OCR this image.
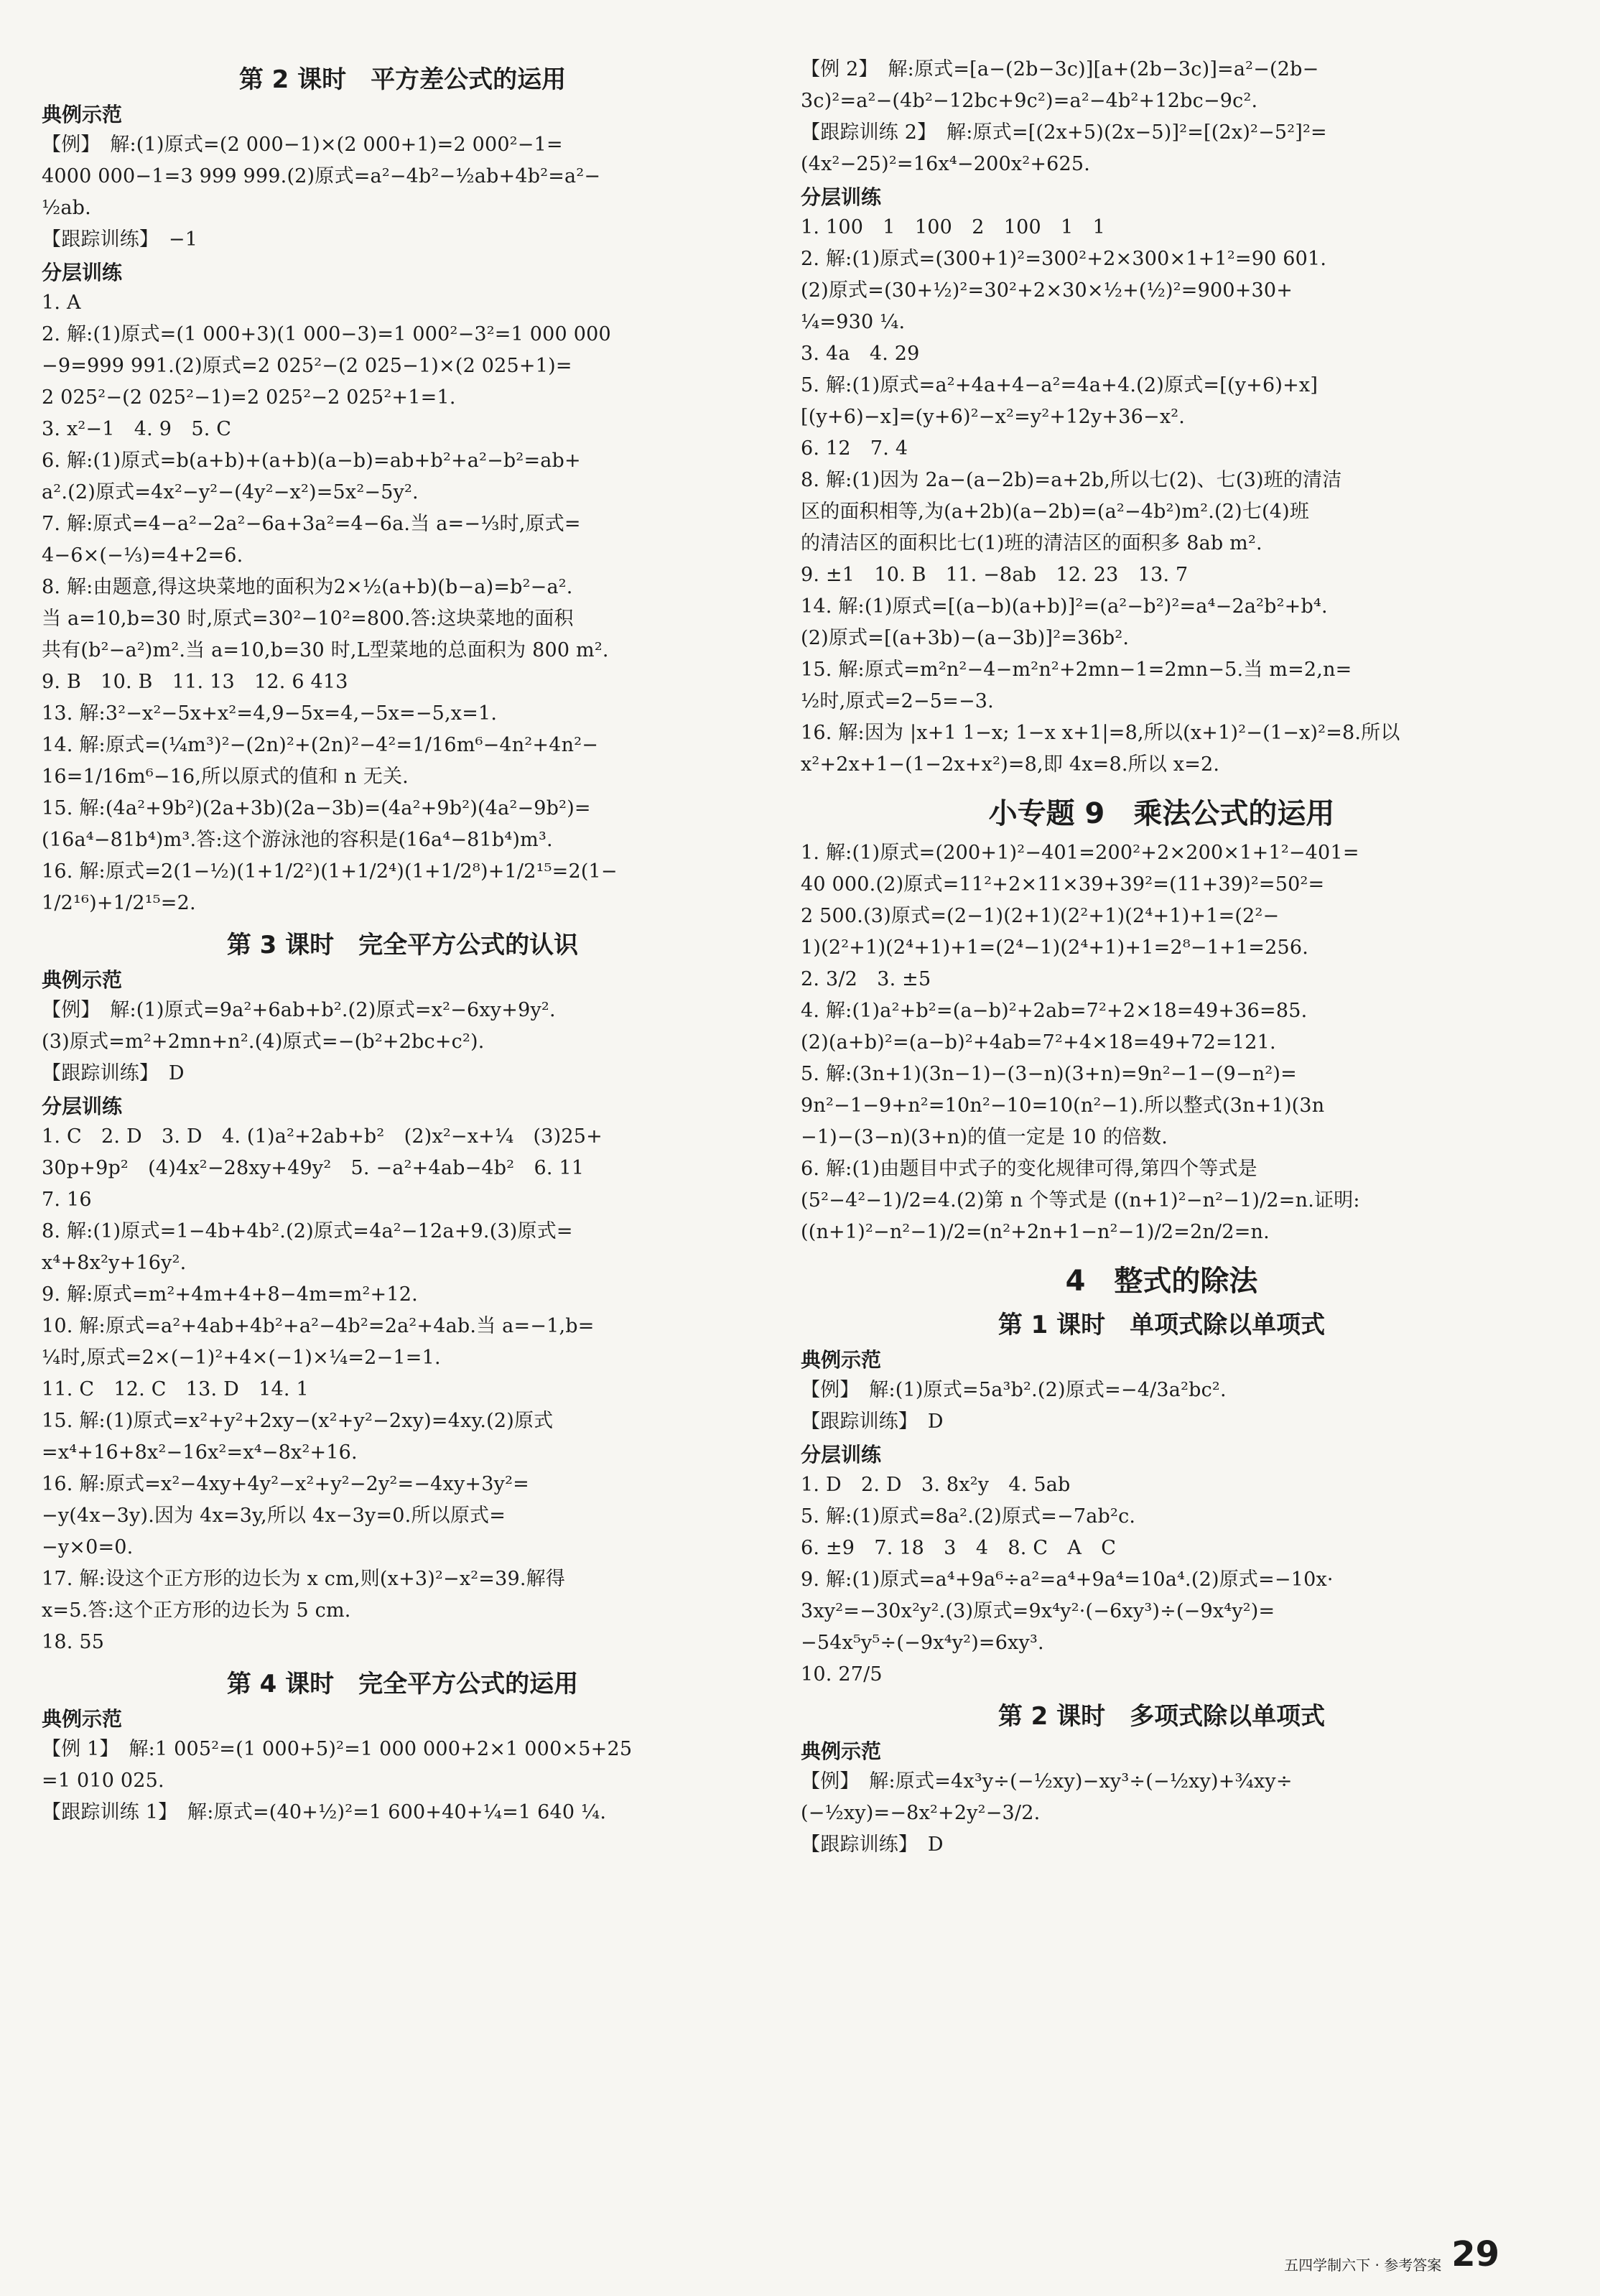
第 2 课时　平方差公式的运用
典例示范
【例】　解:(1)原式=(2 000−1)×(2 000+1)=2 000²−1=
4000 000−1=3 999 999.(2)原式=a²−4b²−½ab+4b²=a²−
½ab.
【跟踪训练】　−1
分层训练
1. A
2. 解:(1)原式=(1 000+3)(1 000−3)=1 000²−3²=1 000 000
−9=999 991.(2)原式=2 025²−(2 025−1)×(2 025+1)=
2 025²−(2 025²−1)=2 025²−2 025²+1=1.
3. x²−1　4. 9　5. C
6. 解:(1)原式=b(a+b)+(a+b)(a−b)=ab+b²+a²−b²=ab+
a².(2)原式=4x²−y²−(4y²−x²)=5x²−5y².
7. 解:原式=4−a²−2a²−6a+3a²=4−6a.当 a=−⅓时,原式=
4−6×(−⅓)=4+2=6.
8. 解:由题意,得这块菜地的面积为2×½(a+b)(b−a)=b²−a².
当 a=10,b=30 时,原式=30²−10²=800.答:这块菜地的面积
共有(b²−a²)m².当 a=10,b=30 时,L型菜地的总面积为 800 m².
9. B　10. B　11. 13　12. 6 413
13. 解:3²−x²−5x+x²=4,9−5x=4,−5x=−5,x=1.
14. 解:原式=(¼m³)²−(2n)²+(2n)²−4²=1/16m⁶−4n²+4n²−
16=1/16m⁶−16,所以原式的值和 n 无关.
15. 解:(4a²+9b²)(2a+3b)(2a−3b)=(4a²+9b²)(4a²−9b²)=
(16a⁴−81b⁴)m³.答:这个游泳池的容积是(16a⁴−81b⁴)m³.
16. 解:原式=2(1−½)(1+1/2²)(1+1/2⁴)(1+1/2⁸)+1/2¹⁵=2(1−
1/2¹⁶)+1/2¹⁵=2.
第 3 课时　完全平方公式的认识
典例示范
【例】　解:(1)原式=9a²+6ab+b².(2)原式=x²−6xy+9y².
(3)原式=m²+2mn+n².(4)原式=−(b²+2bc+c²).
【跟踪训练】　D
分层训练
1. C　2. D　3. D　4. (1)a²+2ab+b²　(2)x²−x+¼　(3)25+
30p+9p²　(4)4x²−28xy+49y²　5. −a²+4ab−4b²　6. 11
7. 16
8. 解:(1)原式=1−4b+4b².(2)原式=4a²−12a+9.(3)原式=
x⁴+8x²y+16y².
9. 解:原式=m²+4m+4+8−4m=m²+12.
10. 解:原式=a²+4ab+4b²+a²−4b²=2a²+4ab.当 a=−1,b=
¼时,原式=2×(−1)²+4×(−1)×¼=2−1=1.
11. C　12. C　13. D　14. 1
15. 解:(1)原式=x²+y²+2xy−(x²+y²−2xy)=4xy.(2)原式
=x⁴+16+8x²−16x²=x⁴−8x²+16.
16. 解:原式=x²−4xy+4y²−x²+y²−2y²=−4xy+3y²=
−y(4x−3y).因为 4x=3y,所以 4x−3y=0.所以原式=
−y×0=0.
17. 解:设这个正方形的边长为 x cm,则(x+3)²−x²=39.解得
x=5.答:这个正方形的边长为 5 cm.
18. 55
第 4 课时　完全平方公式的运用
典例示范
【例 1】　解:1 005²=(1 000+5)²=1 000 000+2×1 000×5+25
=1 010 025.
【跟踪训练 1】　解:原式=(40+½)²=1 600+40+¼=1 640 ¼.
【例 2】　解:原式=[a−(2b−3c)][a+(2b−3c)]=a²−(2b−
3c)²=a²−(4b²−12bc+9c²)=a²−4b²+12bc−9c².
【跟踪训练 2】　解:原式=[(2x+5)(2x−5)]²=[(2x)²−5²]²=
(4x²−25)²=16x⁴−200x²+625.
分层训练
1. 100　1　100　2　100　1　1
2. 解:(1)原式=(300+1)²=300²+2×300×1+1²=90 601.
(2)原式=(30+½)²=30²+2×30×½+(½)²=900+30+
¼=930 ¼.
3. 4a　4. 29
5. 解:(1)原式=a²+4a+4−a²=4a+4.(2)原式=[(y+6)+x]
[(y+6)−x]=(y+6)²−x²=y²+12y+36−x².
6. 12　7. 4
8. 解:(1)因为 2a−(a−2b)=a+2b,所以七(2)、七(3)班的清洁
区的面积相等,为(a+2b)(a−2b)=(a²−4b²)m².(2)七(4)班
的清洁区的面积比七(1)班的清洁区的面积多 8ab m².
9. ±1　10. B　11. −8ab　12. 23　13. 7
14. 解:(1)原式=[(a−b)(a+b)]²=(a²−b²)²=a⁴−2a²b²+b⁴.
(2)原式=[(a+3b)−(a−3b)]²=36b².
15. 解:原式=m²n²−4−m²n²+2mn−1=2mn−5.当 m=2,n=
½时,原式=2−5=−3.
16. 解:因为 |x+1 1−x; 1−x x+1|=8,所以(x+1)²−(1−x)²=8.所以
x²+2x+1−(1−2x+x²)=8,即 4x=8.所以 x=2.
小专题 9　乘法公式的运用
1. 解:(1)原式=(200+1)²−401=200²+2×200×1+1²−401=
40 000.(2)原式=11²+2×11×39+39²=(11+39)²=50²=
2 500.(3)原式=(2−1)(2+1)(2²+1)(2⁴+1)+1=(2²−
1)(2²+1)(2⁴+1)+1=(2⁴−1)(2⁴+1)+1=2⁸−1+1=256.
2. 3/2　3. ±5
4. 解:(1)a²+b²=(a−b)²+2ab=7²+2×18=49+36=85.
(2)(a+b)²=(a−b)²+4ab=7²+4×18=49+72=121.
5. 解:(3n+1)(3n−1)−(3−n)(3+n)=9n²−1−(9−n²)=
9n²−1−9+n²=10n²−10=10(n²−1).所以整式(3n+1)(3n
−1)−(3−n)(3+n)的值一定是 10 的倍数.
6. 解:(1)由题目中式子的变化规律可得,第四个等式是
(5²−4²−1)/2=4.(2)第 n 个等式是 ((n+1)²−n²−1)/2=n.证明:
((n+1)²−n²−1)/2=(n²+2n+1−n²−1)/2=2n/2=n.
4　整式的除法
第 1 课时　单项式除以单项式
典例示范
【例】　解:(1)原式=5a³b².(2)原式=−4/3a²bc².
【跟踪训练】　D
分层训练
1. D　2. D　3. 8x²y　4. 5ab
5. 解:(1)原式=8a².(2)原式=−7ab²c.
6. ±9　7. 18　3　4　8. C　A　C
9. 解:(1)原式=a⁴+9a⁶÷a²=a⁴+9a⁴=10a⁴.(2)原式=−10x·
3xy²=−30x²y².(3)原式=9x⁴y²·(−6xy³)÷(−9x⁴y²)=
−54x⁵y⁵÷(−9x⁴y²)=6xy³.
10. 27/5
第 2 课时　多项式除以单项式
典例示范
【例】　解:原式=4x³y÷(−½xy)−xy³÷(−½xy)+¾xy÷
(−½xy)=−8x²+2y²−3/2.
【跟踪训练】　D
五四学制六下 · 参考答案 29
